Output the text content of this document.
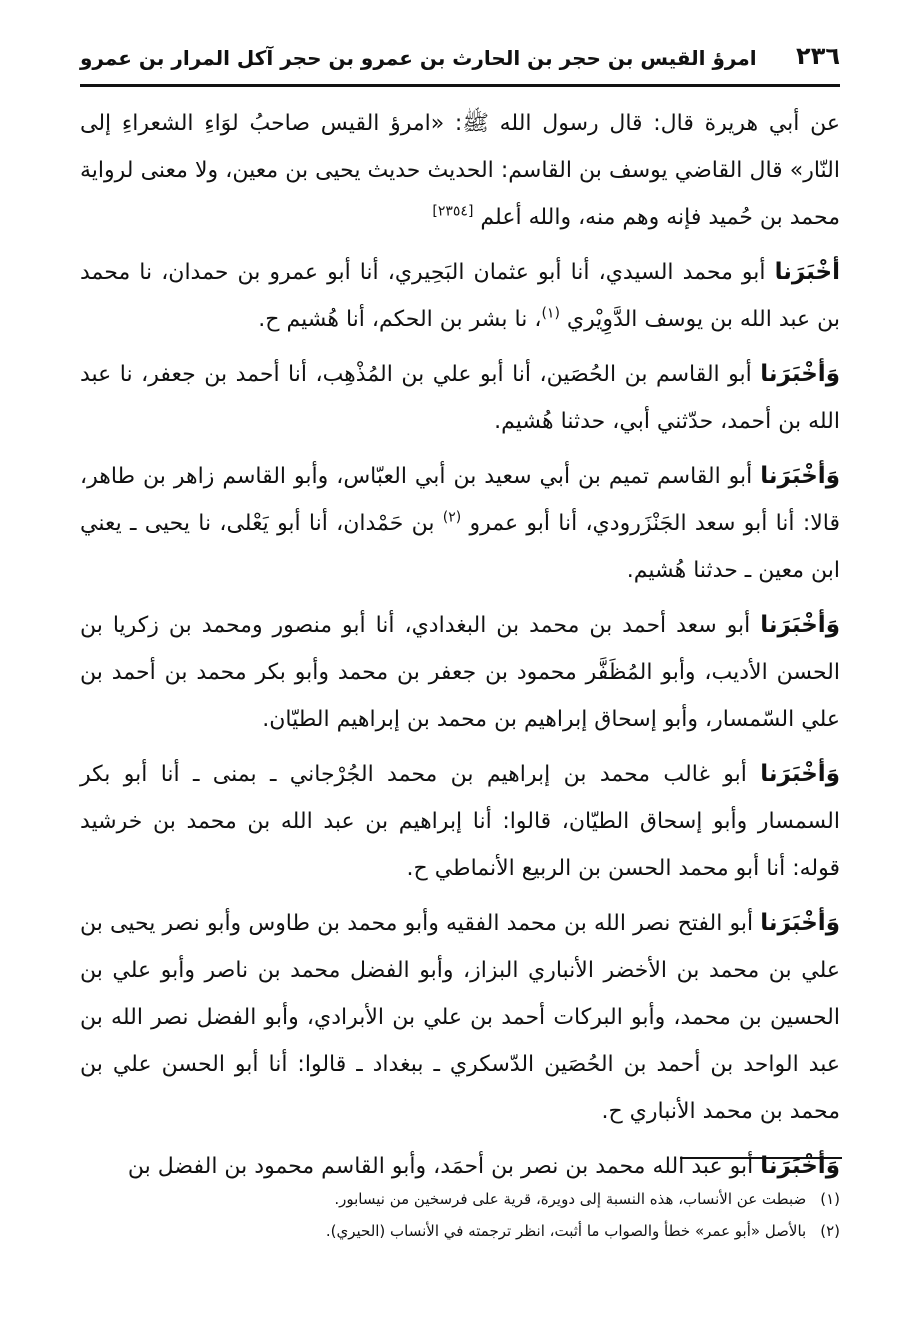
٢٣٦
امرؤ القيس بن حجر بن الحارث بن عمرو بن حجر آكل المرار بن عمرو

عن أبي هريرة قال: قال رسول الله ﷺ: «امرؤ القيس صاحبُ لوَاءِ الشعراءِ إلى النّار» قال القاضي يوسف بن القاسم: الحديث حديث يحيى بن معين، ولا معنى لرواية محمد بن حُميد فإنه وهم منه، والله أعلم [٢٣٥٤]

أخْبَرَنا أبو محمد السيدي، أنا أبو عثمان البَحِيري، أنا أبو عمرو بن حمدان، نا محمد بن عبد الله بن يوسف الدَّوِيْري $^{(١)}$، نا بشر بن الحكم، أنا هُشيم ح.

وَأخْبَرَنا أبو القاسم بن الحُصَين، أنا أبو علي بن المُذْهِب، أنا أحمد بن جعفر، نا عبد الله بن أحمد، حدّثني أبي، حدثنا هُشيم.

وَأخْبَرَنا أبو القاسم تميم بن أبي سعيد بن أبي العبّاس، وأبو القاسم زاهر بن طاهر، قالا: أنا أبو سعد الجَنْزَرودي، أنا أبو عمرو $^{(٢)}$ بن حَمْدان، أنا أبو يَعْلى، نا يحيى ـ يعني ابن معين ـ حدثنا هُشيم.

وَأخْبَرَنا أبو سعد أحمد بن محمد بن البغدادي، أنا أبو منصور ومحمد بن زكريا بن الحسن الأديب، وأبو المُظَفَّر محمود بن جعفر بن محمد وأبو بكر محمد بن أحمد بن علي السّمسار، وأبو إسحاق إبراهيم بن محمد بن إبراهيم الطيّان.

وَأخْبَرَنا أبو غالب محمد بن إبراهيم بن محمد الجُرْجاني ـ بمنى ـ أنا أبو بكر السمسار وأبو إسحاق الطيّان، قالوا: أنا إبراهيم بن عبد الله بن محمد بن خرشيد قوله: أنا أبو محمد الحسن بن الربيع الأنماطي ح.

وَأخْبَرَنا أبو الفتح نصر الله بن محمد الفقيه وأبو محمد بن طاوس وأبو نصر يحيى بن علي بن محمد بن الأخضر الأنباري البزاز، وأبو الفضل محمد بن ناصر وأبو علي بن الحسين بن محمد، وأبو البركات أحمد بن علي بن الأبرادي، وأبو الفضل نصر الله بن عبد الواحد بن أحمد بن الحُصَين الدّسكري ـ ببغداد ـ قالوا: أنا أبو الحسن علي بن محمد بن محمد الأنباري ح.

وَأخْبَرَنا أبو عبد الله محمد بن نصر بن أحمَد، وأبو القاسم محمود بن الفضل بن

(١)ضبطت عن الأنساب، هذه النسبة إلى دويرة، قرية على فرسخين من نيسابور.

(٢)بالأصل «أبو عمر» خطأ والصواب ما أثبت، انظر ترجمته في الأنساب (الحيري).
